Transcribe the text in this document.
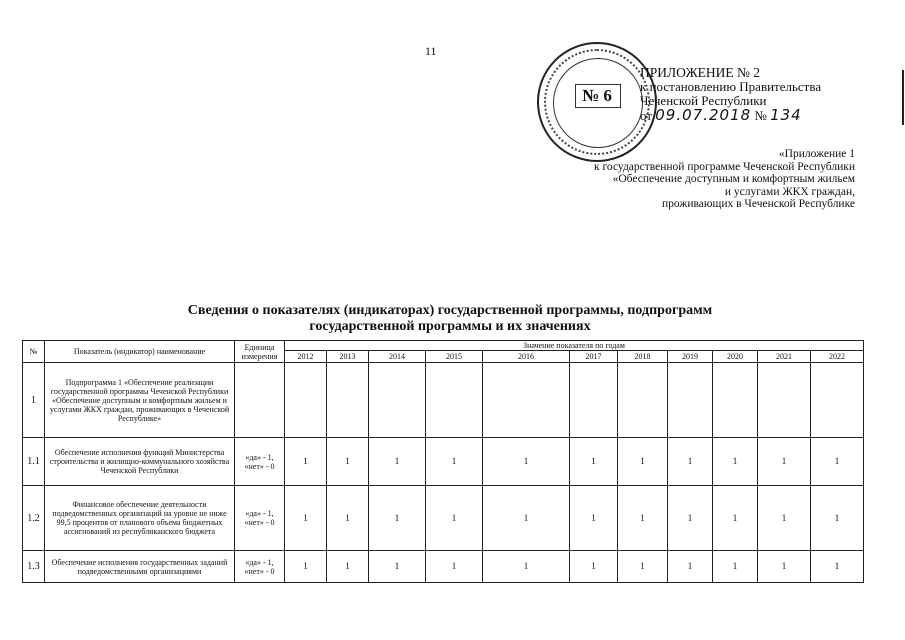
11
№ 6
ПРИЛОЖЕНИЕ № 2
к постановлению Правительства
Чеченской Республики
от 09.07.2018 № 134
«Приложение 1
к государственной программе Чеченской Республики
«Обеспечение доступным и комфортным жильем
и услугами ЖКХ граждан,
проживающих в Чеченской Республике
Сведения о показателях (индикаторах) государственной программы, подпрограмм
государственной программы и их значениях
№	Показатель (индикатор) наименование	Единица измерения	Значение показателя по годам										
			2012	2013	2014	2015	2016	2017	2018	2019	2020	2021	2022
1	Подпрограмма 1 «Обеспечение реализации государственной программы Чеченской Республики «Обеспечение доступным и комфортным жильем и услугами ЖКХ граждан, проживающих в Чеченской Республике»												
1.1	Обеспечение исполнения функций Министерства строительства и жилищно-коммунального хозяйства Чеченской Республики	«да» - 1, «нет» - 0	1	1	1	1	1	1	1	1	1	1	1
1.2	Финансовое обеспечение деятельности подведомственных организаций на уровне не ниже 99,5 процентов от планового объема бюджетных ассигнований из республиканского бюджета	«да» - 1, «нет» - 0	1	1	1	1	1	1	1	1	1	1	1
1.3	Обеспечение исполнения государственных заданий подведомственными организациями	«да» - 1, «нет» - 0	1	1	1	1	1	1	1	1	1	1	1
